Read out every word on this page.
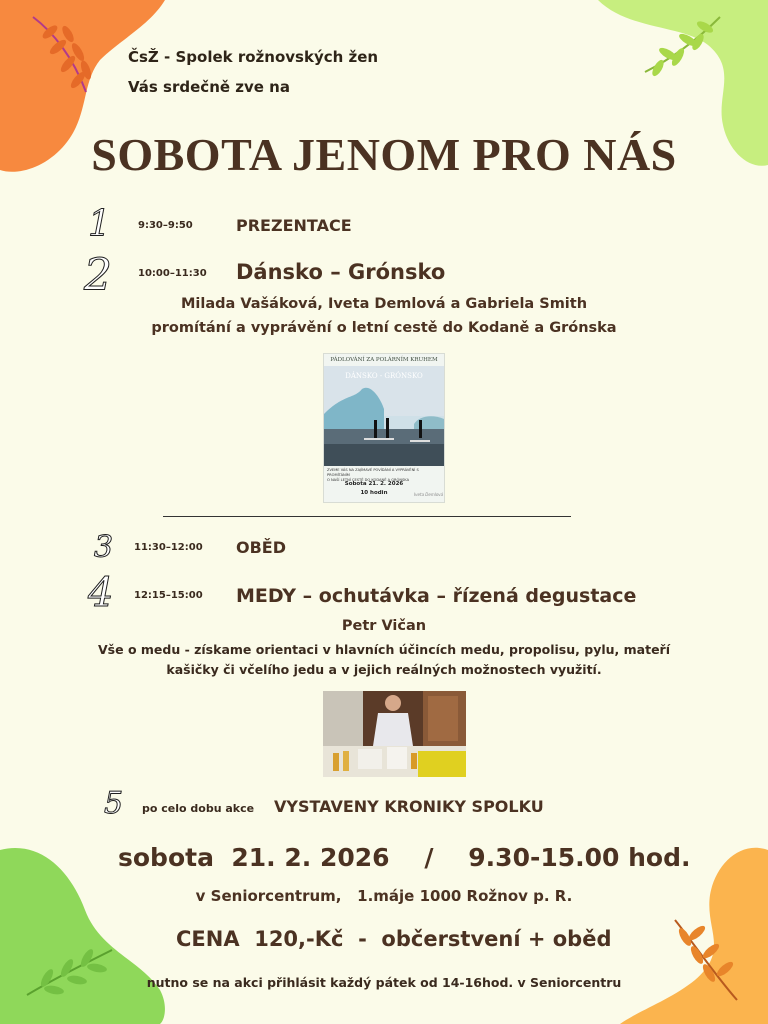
ČsŽ - Spolek rožnovských žen
Vás srdečně zve na
SOBOTA JENOM PRO NÁS
1	9:30–9:50	PREZENTACE
2	10:00–11:30 Dánsko – Grónsko
Milada Vašáková, Iveta Demlová a Gabriela Smith
promítání a vyprávění o letní cestě do Kodaně a Grónska
PÁDLOVÁNÍ ZA POLÁRNÍM KRUHEM
DÁNSKO - GRÓNSKO
ZVEME VÁS NA ZAJÍMAVÉ POVÍDÁNÍ A VYPRÁVĚNÍ S PROMÍTÁNÍM
O NAŠÍ LETNÍ CESTĚ DO KODANĚ A GRÓNSKA
Sobota 21. 2. 2026
10 hodin	Iveta Demlová
3 11:30–12:00 OBĚD
4 12:15–15:00 MEDY – ochutávka – řízená degustace
Petr Vičan
Vše o medu - získame orientaci v hlavních účincích medu, propolisu, pylu, mateří
kašičky či včelího jedu a v jejich reálných možnostech využití.
5 po celo dobu akce VYSTAVENY KRONIKY SPOLKU
sobota  21. 2. 2026    /    9.30-15.00 hod.
v Seniorcentrum,   1.máje 1000 Rožnov p. R.
CENA  120,-Kč  -  občerstvení + oběd
nutno se na akci přihlásit každý pátek od 14-16hod. v Seniorcentru
